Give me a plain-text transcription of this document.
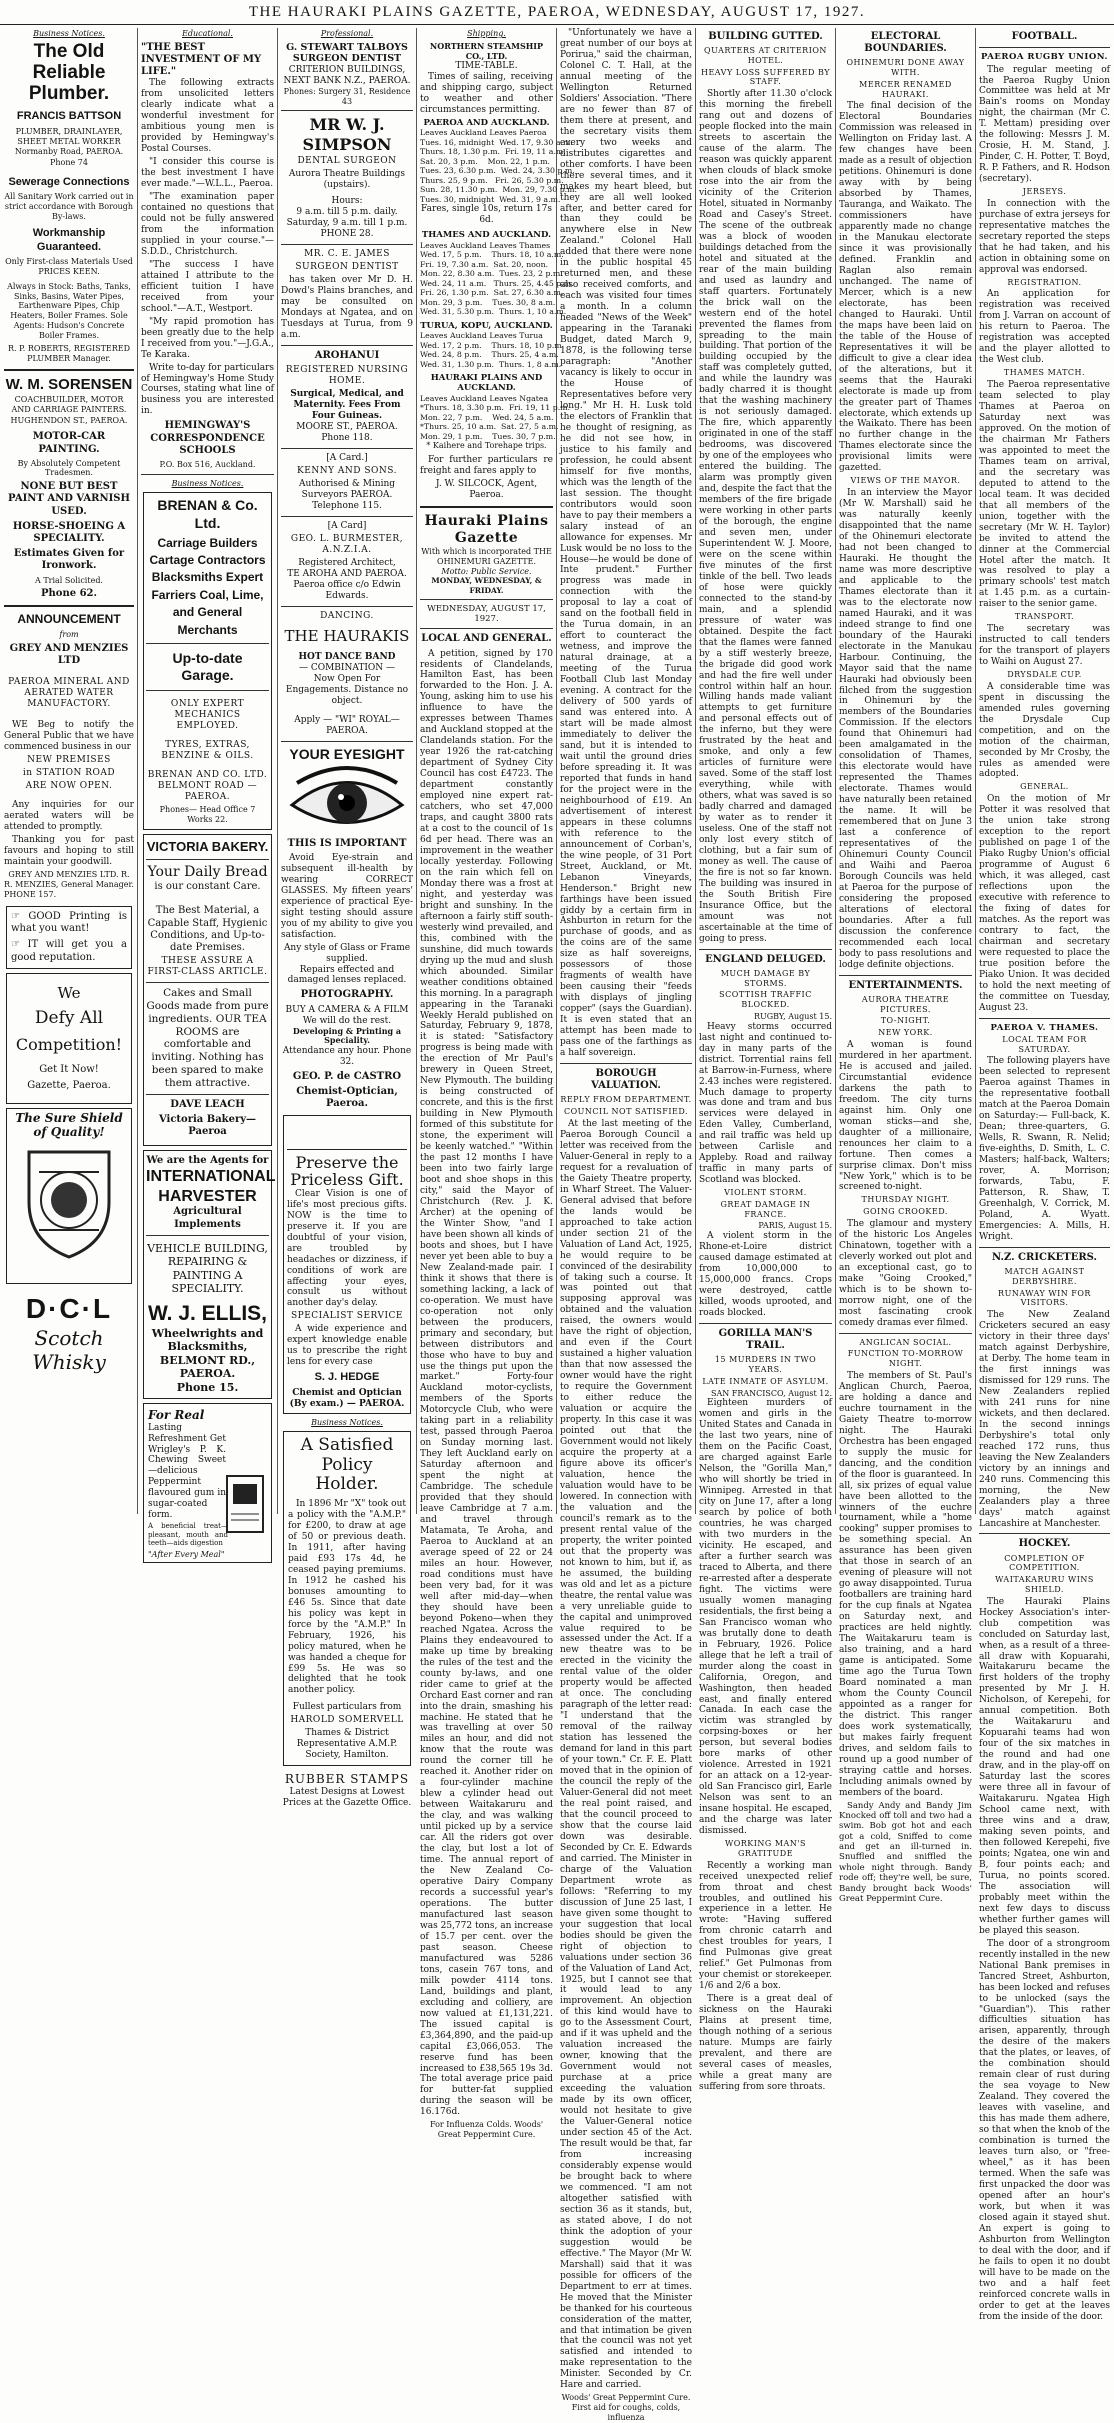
THE HAURAKI PLAINS GAZETTE, PAEROA, WEDNESDAY, AUGUST 17, 1927.
Business Notices.
The Old Reliable Plumber.
FRANCIS BATTSON
PLUMBER, DRAINLAYER, SHEET METAL WORKER
Normanby Road, PAEROA.
Phone 74
Sewerage Connections
All Sanitary Work carried out in strict accordance with Borough By-laws.
Workmanship Guaranteed.
Only First-class Materials Used PRICES KEEN.
Always in Stock: Baths, Tanks, Sinks, Basins, Water Pipes, Earthenware Pipes, Chip Heaters, Boiler Frames. Sole Agents: Hudson's Concrete Boiler Frames.
R. P. ROBERTS, REGISTERED PLUMBER Manager.
W. M. SORENSEN
COACHBUILDER, MOTOR AND CARRIAGE PAINTERS.
HUGHENDON ST., PAEROA.
MOTOR-CAR PAINTING.
By Absolutely Competent Tradesmen.
NONE BUT BEST PAINT AND VARNISH USED.
HORSE-SHOEING A SPECIALITY.
Estimates Given for Ironwork.
A Trial Solicited.
Phone 62.
ANNOUNCEMENT
from
GREY AND MENZIES LTD
PAEROA MINERAL AND AERATED WATER MANUFACTORY.
WE Beg to notify the General Public that we have commenced business in our
NEW PREMISES
in STATION ROAD
ARE NOW OPEN.
Any inquiries for our aerated waters will be attended to promptly.
Thanking you for past favours and hoping to still maintain your goodwill.
GREY AND MENZIES LTD. R. R. MENZIES, General Manager.
PHONE 157.
☞ GOOD Printing is what you want!
☞ IT will get you a good reputation.
We
Defy All
Competition!
Get It Now!
Gazette, Paeroa.
The Sure Shield of Quality!
D·C·L
Scotch Whisky
Educational.
"THE BEST INVESTMENT OF MY LIFE."
The following extracts from unsolicited letters clearly indicate what a wonderful investment for ambitious young men is provided by Hemingway's Postal Courses.
"I consider this course is the best investment I have ever made."—W.L.L., Paeroa.
"The examination paper contained no questions that could not be fully answered from the information supplied in your course."—S.D.D., Christchurch.
"The success I have attained I attribute to the efficient tuition I have received from your school."—A.T., Westport.
"My rapid promotion has been greatly due to the help I received from you."—J.G.A., Te Karaka.
Write to-day for particulars of Hemingway's Home Study Courses, stating what line of business you are interested in.
HEMINGWAY'S CORRESPONDENCE SCHOOLS
P.O. Box 516, Auckland.
Business Notices.
BRENAN & Co. Ltd.
Carriage Builders Cartage Contractors Blacksmiths Expert Farriers Coal, Lime, and General Merchants
Up-to-date Garage.
ONLY EXPERT MECHANICS EMPLOYED.
TYRES, EXTRAS, BENZINE & OILS.
BRENAN AND CO. LTD. BELMONT ROAD — PAEROA.
Phones— Head Office 7 Works 22.
VICTORIA BAKERY.
Your Daily Bread
is our constant Care.
The Best Material, a Capable Staff, Hygienic Conditions, and Up-to-date Premises.
THESE ASSURE A FIRST-CLASS ARTICLE.
Cakes and Small Goods made from pure ingredients. OUR TEA ROOMS are comfortable and inviting. Nothing has been spared to make them attractive.
DAVE LEACH
Victoria Bakery—Paeroa
We are the Agents for
INTERNATIONAL HARVESTER
Agricultural Implements
VEHICLE BUILDING, REPAIRING & PAINTING A SPECIALITY.
W. J. ELLIS,
Wheelwrights and Blacksmiths,
BELMONT RD., PAEROA.
Phone 15.
For Real
Lasting Refreshment Get Wrigley's P. K. Chewing Sweet—delicious Peppermint flavoured gum in sugar-coated form.
A beneficial treat—pleasant, mouth and teeth—aids digestion
"After Every Meal"
Professional.
G. STEWART TALBOYS SURGEON DENTIST
CRITERION BUILDINGS, NEXT BANK N.Z., PAEROA.
Phones: Surgery 31, Residence 43
MR W. J. SIMPSON
DENTAL SURGEON
Aurora Theatre Buildings (upstairs).
Hours:
9 a.m. till 5 p.m. daily. Saturday, 9 a.m. till 1 p.m. PHONE 28.
MR. C. E. JAMES
SURGEON DENTIST
has taken over Mr D. H. Dowd's Plains branches, and may be consulted on Mondays at Ngatea, and on Tuesdays at Turua, from 9 a.m.
AROHANUI
REGISTERED NURSING HOME.
Surgical, Medical, and Maternity. Fees From Four Guineas.
MOORE ST., PAEROA. Phone 118.
[A Card.]
KENNY AND SONS.
Authorised & Mining Surveyors PAEROA.
Telephone 115.
[A Card]
GEO. L. BURMESTER, A.N.Z.I.A.
Registered Architect,
TE AROHA AND PAEROA.
Paeroa office c/o Edwin Edwards.
DANCING.
THE HAURAKIS
HOT DANCE BAND
— COMBINATION —
Now Open For Engagements. Distance no object.
Apply — "WI" ROYAL—PAEROA.
YOUR EYESIGHT
THIS IS IMPORTANT
Avoid Eye-strain and subsequent ill-health by wearing CORRECT GLASSES. My fifteen years' experience of practical Eye-sight testing should assure you of my ability to give you satisfaction.
Any style of Glass or Frame supplied.
Repairs effected and damaged lenses replaced.
PHOTOGRAPHY.
BUY A CAMERA & A FILM We will do the rest.
Developing & Printing a Speciality.
Attendance any hour. Phone 32.
GEO. P. de CASTRO
Chemist-Optician, Paeroa.
Preserve the Priceless Gift.
Clear Vision is one of life's most precious gifts. NOW is the time to preserve it. If you are doubtful of your vision, are troubled by headaches or dizziness, if conditions of work are affecting your eyes, consult us without another day's delay.
SPECIALIST SERVICE
A wide experience and expert knowledge enable us to prescribe the right lens for every case
S. J. HEDGE
Chemist and Optician (By exam.) — PAEROA.
Business Notices.
A Satisfied Policy Holder.
In 1896 Mr "X" took out a policy with the "A.M.P." for £200, to draw at age of 50 or previous death. In 1911, after having paid £93 17s 4d, he ceased paying premiums. In 1912 he cashed his bonuses amounting to £46 5s. Since that date his policy was kept in force by the "A.M.P." In February, 1926, his policy matured, when he was handed a cheque for £99 5s. He was so delighted that he took another policy.
Fullest particulars from
HAROLD SOMERVELL
Thames & District Representative A.M.P. Society, Hamilton.
RUBBER STAMPS
Latest Designs at Lowest Prices at the Gazette Office.
Shipping.
NORTHERN STEAMSHIP CO., LTD.
TIME-TABLE.
Times of sailing, receiving and shipping cargo, subject to weather and other circumstances permitting.
PAEROA AND AUCKLAND.
Leaves Auckland Leaves Paeroa
Tues. 16, midnight  Wed. 17, 9.30 a.m.
Thurs. 18, 1.30 p.m.  Fri. 19, 11 a.m.
Sat. 20, 3 p.m.    Mon. 22, 1 p.m.
Tues. 23, 6.30 p.m.  Wed. 24, 3.30 p.m.
Thurs. 25, 9 p.m.   Fri. 26, 5.30 p.m.
Sun. 28, 11.30 p.m.  Mon. 29, 7.30 p.m.
Tues. 30, midnight  Wed. 31, 9 a.m.
Fares, single 10s, return 17s 6d.
THAMES AND AUCKLAND.
Leaves Auckland Leaves Thames
Wed. 17, 5 p.m.    Thurs. 18, 10 a.m.
Fri. 19, 7.30 a.m.  Sat. 20, noon.
Mon. 22, 8.30 a.m.  Tues. 23, 2 p.m.
Wed. 24, 11 a.m.   Thurs. 25, 4.45 p.m.
Fri. 26, 1.30 p.m.  Sat. 27, 6.30 a.m.
Mon. 29, 3 p.m.    Tues. 30, 8 a.m.
Wed. 31, 5.30 p.m.  Thurs. 1, 10 a.m.
TURUA, KOPU, AUCKLAND.
Leaves Auckland Leaves Turua
Wed. 17, 2 p.m.    Thurs. 18, 10 p.m.
Wed. 24, 8 p.m.    Thurs. 25, 4 a.m.
Wed. 31, 1.30 p.m.  Thurs. 1, 8 a.m.
HAURAKI PLAINS AND AUCKLAND.
Leaves Auckland Leaves Ngatea
*Thurs. 18, 3.30 p.m.  Fri. 19, 11 p.m.
Mon. 22, 7 p.m.    Wed. 24, 5 a.m.
*Thurs. 25, 10 a.m.  Sat. 27, 5 a.m.
Mon. 29, 1 p.m.    Tues. 30, 7 p.m.
* Kaihere and Torehape trips.
For further particulars re freight and fares apply to
J. W. SILCOCK, Agent, Paeroa.
Hauraki Plains Gazette
With which is incorporated THE OHINEMURI GAZETTE.
Motto: Public Service.
MONDAY, WEDNESDAY, & FRIDAY.
WEDNESDAY, AUGUST 17, 1927.
LOCAL AND GENERAL.
A petition, signed by 170 residents of Clandelands, Hamilton East, has been forwarded to the Hon. J. A. Young, asking him to use his influence to have the expresses between Thames and Auckland stopped at the Clandelands station. For the year 1926 the rat-catching department of Sydney City Council has cost £4723. The department constantly employed nine expert rat-catchers, who set 47,000 traps, and caught 3800 rats at a cost to the council of 1s 6d per head. There was an improvement in the weather locally yesterday. Following on the rain which fell on Monday there was a frost at night, and yesterday was bright and sunshiny. In the afternoon a fairly stiff south-westerly wind prevailed, and this, combined with the sunshine, did much towards drying up the mud and slush which abounded. Similar weather conditions obtained this morning. In a paragraph appearing in the Taranaki Weekly Herald published on Saturday, February 9, 1878, it is stated: "Satisfactory progress is being made with the erection of Mr Paul's brewery in Queen Street, New Plymouth. The building is being constructed of concrete, and this is the first building in New Plymouth formed of this substitute for stone, the experiment will be keenly watched." "Within the past 12 months I have been into two fairly large boot and shoe shops in this city," said the Mayor of Christchurch (Rev. J. K. Archer) at the opening of the Winter Show, "and I have been shown all kinds of boots and shoes, but I have never yet been able to buy a New Zealand-made pair. I think it shows that there is something lacking, a lack of co-operation. We must have co-operation not only between the producers, primary and secondary, but between distributors and those who have to buy and use the things put upon the market." Forty-four Auckland motor-cyclists, members of the Sports Motorcycle Club, who were taking part in a reliability test, passed through Paeroa on Sunday morning last. They left Auckland early on Saturday afternoon and spent the night at Cambridge. The schedule provided that they should leave Cambridge at 7 a.m. and travel through Matamata, Te Aroha, and Paeroa to Auckland at an average speed of 22 or 24 miles an hour. However, road conditions must have been very bad, for it was well after mid-day—when they should have been beyond Pokeno—when they reached Ngatea. Across the Plains they endeavoured to make up time by breaking the rules of the test and the county by-laws, and one rider came to grief at the Orchard East corner and ran into the drain, smashing his machine. He stated that he was travelling at over 50 miles an hour, and did not know that the route was round the corner till he reached it. Another rider on a four-cylinder machine blew a cylinder head out between Waitakaruru and the clay, and was walking until picked up by a service car. All the riders got over the clay, but lost a lot of time. The annual report of the New Zealand Co-operative Dairy Company records a successful year's operations. The butter manufactured last season was 25,772 tons, an increase of 15.7 per cent. over the past season. Cheese manufactured was 5286 tons, casein 767 tons, and milk powder 4114 tons. Land, buildings and plant, excluding and colliery, are now valued at £1,131,221. The issued capital is £3,364,890, and the paid-up capital £3,066,053. The reserve fund has been increased to £38,565 19s 3d. The total average price paid for butter-fat supplied during the season will be 16.176d.
For Influenza Colds. Woods' Great Peppermint Cure.
"Unfortunately we have a great number of our boys at Porirua," said the chairman, Colonel C. T. Hall, at the annual meeting of the Wellington Returned Soldiers' Association. "There are no fewer than 87 of them there at present, and the secretary visits them every two weeks and distributes cigarettes and other comforts. I have been there several times, and it makes my heart bleed, but they are all well looked after, and better cared for than they could be anywhere else in New Zealand." Colonel Hall added that there were none in the public hospital 45 returned men, and these also received comforts, and each was visited four times a month. In a column headed "News of the Week" appearing in the Taranaki Budget, dated March 9, 1878, is the following terse paragraph: "Another vacancy is likely to occur in the House of Representatives before very long." Mr H. H. Lusk told the electors of Franklin that he thought of resigning, as he did not see how, in justice to his family and profession, he could absent himself for five months, which was the length of the last session. The thought contributors would soon have to pay their members a salary instead of an allowance for expenses. Mr Lusk would be no loss to the House—he would be done of Inte prudent." Further progress was made in connection with the proposal to lay a coat of sand on the football field in the Turua domain, in an effort to counteract the wetness, and improve the natural drainage, at a meeting of the Turua Football Club last Monday evening. A contract for the delivery of 500 yards of sand was entered into. A start will be made almost immediately to deliver the sand, but it is intended to wait until the ground dries before spreading it. It was reported that funds in hand for the project were in the neighbourhood of £19. An advertisement of interest appears in these columns with reference to the announcement of Corban's, the wine people, of 31 Port Street, Auckland, or Mt. Lebanon Vineyards, Henderson." Bright new farthings have been issued giddy by a certain firm in Ashburton in return for the purchase of goods, and as the coins are of the same size as half sovereigns, possessors of those fragments of wealth have been causing their "feeds with displays of jingling copper" (says the Guardian). It is even stated that an attempt has been made to pass one of the farthings as a half sovereign.
BOROUGH VALUATION.
REPLY FROM DEPARTMENT.
COUNCIL NOT SATISFIED.
At the last meeting of the Paeroa Borough Council a letter was received from the Valuer-General in reply to a request for a revaluation of the Gaiety Theatre property, in Wharf Street. The Valuer-General advised that before the lands would be approached to take action under section 21 of the Valuation of Land Act, 1925, he would require to be convinced of the desirability of taking such a course. It was pointed out that supposing approval was obtained and the valuation raised, the owners would have the right of objection, and even if the Court sustained a higher valuation than that now assessed the owner would have the right to require the Government to either reduce the valuation or acquire the property. In this case it was pointed out that the Government would not likely acquire the property at a figure above its officer's valuation, hence the valuation would have to be lowered. In connection with the valuation and the council's remark as to the present rental value of the property, the writer pointed out that the property was not known to him, but if, as he assumed, the building was old and let as a picture theatre, the rental value was a very unreliable guide to the capital and unimproved value required to be assessed under the Act. If a new theatre was to be erected in the vicinity the rental value of the older property would be affected at once. The concluding paragraph of the letter read: "I understand that the removal of the railway station has lessened the demand for land in this part of your town." Cr. F. E. Platt moved that in the opinion of the council the reply of the Valuer-General did not meet the real point raised, and that the council proceed to show that the course laid down was desirable. Seconded by Cr. E. Edwards and carried. The Minister in charge of the Valuation Department wrote as follows: "Referring to my discussion of June 25 last, I have given some thought to your suggestion that local bodies should be given the right of objection to valuations under section 36 of the Valuation of Land Act, 1925, but I cannot see that it would lead to any improvement. An objection of this kind would have to go to the Assessment Court, and if it was upheld and the valuation increased the owner, knowing that the Government would not purchase at a price exceeding the valuation made by its own officer, would not hesitate to give the Valuer-General notice under section 45 of the Act. The result would be that, far from increasing considerably expense would be brought back to where we commenced. "I am not altogether satisfied with section 36 as it stands, but, as stated above, I do not think the adoption of your suggestion would be effective." The Mayor (Mr W. Marshall) said that it was possible for officers of the Department to err at times. He moved that the Minister be thanked for his courteous consideration of the matter, and that intimation be given that the council was not yet satisfied and intended to make representation to the Minister. Seconded by Cr. Hare and carried.
Woods' Great Peppermint Cure. First aid for coughs, colds, influenza
BUILDING GUTTED.
QUARTERS AT CRITERION HOTEL.
HEAVY LOSS SUFFERED BY STAFF.
Shortly after 11.30 o'clock this morning the firebell rang out and dozens of people flocked into the main streets to ascertain the cause of the alarm. The reason was quickly apparent when clouds of black smoke rose into the air from the vicinity of the Criterion Hotel, situated in Normanby Road and Casey's Street. The scene of the outbreak was a block of wooden buildings detached from the hotel and situated at the rear of the main building and used as laundry and staff quarters. Fortunately the brick wall on the western end of the hotel prevented the flames from spreading to the main building. That portion of the building occupied by the staff was completely gutted, and while the laundry was badly charred it is thought that the washing machinery is not seriously damaged. The fire, which apparently originated in one of the staff bedrooms, was discovered by one of the employees who entered the building. The alarm was promptly given and, despite the fact that the members of the fire brigade were working in other parts of the borough, the engine and seven men, under Superintendent W. J. Moore, were on the scene within five minutes of the first tinkle of the bell. Two leads of hose were quickly connected to the stand-by main, and a splendid pressure of water was obtained. Despite the fact that the flames were fanned by a stiff westerly breeze, the brigade did good work and had the fire well under control within half an hour. Willing hands made valiant attempts to get furniture and personal effects out of the inferno, but they were frustrated by the heat and smoke, and only a few articles of furniture were saved. Some of the staff lost everything, while with others, what was saved is so badly charred and damaged by water as to render it useless. One of the staff not only lost every stitch of clothing, but a fair sum of money as well. The cause of the fire is not so far known. The building was insured in the South British Fire Insurance Office, but the amount was not ascertainable at the time of going to press.
ENGLAND DELUGED.
MUCH DAMAGE BY STORMS.
SCOTTISH TRAFFIC BLOCKED.
RUGBY, August 15.
Heavy storms occurred last night and continued to-day in many parts of the district. Torrential rains fell at Barrow-in-Furness, where 2.43 inches were registered. Much damage to property was done and tram and bus services were delayed in Eden Valley, Cumberland, and rail traffic was held up between Carlisle and Appleby. Road and railway traffic in many parts of Scotland was blocked.
VIOLENT STORM.
GREAT DAMAGE IN FRANCE.
PARIS, August 15.
A violent storm in the Rhone-et-Loire district caused damage estimated at from 10,000,000 to 15,000,000 francs. Crops were destroyed, cattle killed, woods uprooted, and roads blocked.
GORILLA MAN'S TRAIL.
15 MURDERS IN TWO YEARS.
LATE INMATE OF ASYLUM.
SAN FRANCISCO, August 12.
Eighteen murders of women and girls in the United States and Canada in the last two years, nine of them on the Pacific Coast, are charged against Earle Nelson, the "Gorilla Man," who will shortly be tried in Winnipeg. Arrested in that city on June 17, after a long search by police of both countries, he was charged with two murders in the vicinity. He escaped, and after a further search was traced to Alberta, and there re-arrested after a desperate fight. The victims were usually women managing residentials, the first being a San Francisco woman who was brutally done to death in February, 1926. Police allege that he left a trail of murder along the coast in California, Oregon, and Washington, then headed east, and finally entered Canada. In each case the victim was strangled by corpsing-boxes or her person, but several bodies bore marks of other violence. Arrested in 1921 for an attack on a 12-year-old San Francisco girl, Earle Nelson was sent to an insane hospital. He escaped, and the charge was later dismissed.
WORKING MAN'S GRATITUDE
Recently a working man received unexpected relief from throat and chest troubles, and outlined his experience in a letter. He wrote: "Having suffered from chronic catarrh and chest troubles for years, I find Pulmonas give great relief." Get Pulmonas from your chemist or storekeeper. 1/6 and 2/6 a box.
There is a great deal of sickness on the Hauraki Plains at present time, though nothing of a serious nature. Mumps are fairly prevalent, and there are several cases of measles, while a great many are suffering from sore throats.
ELECTORAL BOUNDARIES.
OHINEMURI DONE AWAY WITH.
MERCER RENAMED HAURAKI.
The final decision of the Electoral Boundaries Commission was released in Wellington on Friday last. A few changes have been made as a result of objection petitions. Ohinemuri is done away with by being absorbed by Thames, Tauranga, and Waikato. The commissioners have apparently made no change in the Manukau electorate since it was provisionally defined. Franklin and Raglan also remain unchanged. The name of Mercer, which is a new electorate, has been changed to Hauraki. Until the maps have been laid on the table of the House of Representatives it will be difficult to give a clear idea of the alterations, but it seems that the Hauraki electorate is made up from the greater part of Thames electorate, which extends up the Waikato. There has been no further change in the Thames electorate since the provisional limits were gazetted.
VIEWS OF THE MAYOR.
In an interview the Mayor (Mr W. Marshall) said he was naturally keenly disappointed that the name of the Ohinemuri electorate had not been changed to Hauraki. He thought the name was more descriptive and applicable to the Thames electorate than it was to the electorate now named Hauraki, and it was indeed strange to find one boundary of the Hauraki electorate in the Manukau Harbour. Continuing, the Mayor said that the name Hauraki had obviously been filched from the suggestion in Ohinemuri by the members of the Boundaries Commission. If the electors found that Ohinemuri had been amalgamated in the consolidation of Thames, this electorate would have represented the Thames electorate. Thames would have naturally been retained the name. It will be remembered that on June 3 last a conference of representatives of the Ohinemuri County Council and Waihi and Paeroa Borough Councils was held at Paeroa for the purpose of considering the proposed alterations of electoral boundaries. After a full discussion the conference recommended each local body to pass resolutions and lodge definite objections.
ENTERTAINMENTS.
AURORA THEATRE PICTURES.
TO-NIGHT.
NEW YORK.
A woman is found murdered in her apartment. He is accused and jailed. Circumstantial evidence darkens the path to freedom. The city turns against him. Only one woman sticks—and she, daughter of a millionaire, renounces her claim to a fortune. Then comes a surprise climax. Don't miss "New York," which is to be screened to-night.
THURSDAY NIGHT.
GOING CROOKED.
The glamour and mystery of the historic Los Angeles Chinatown, together with a cleverly worked out plot and an exceptional cast, go to make "Going Crooked," which is to be shown to-morrow night, one of the most fascinating crook comedy dramas ever filmed.
ANGLICAN SOCIAL.
FUNCTION TO-MORROW NIGHT.
The members of St. Paul's Anglican Church, Paeroa, are holding a dance and euchre tournament in the Gaiety Theatre to-morrow night. The Hauraki Orchestra has been engaged to supply the music for dancing, and the condition of the floor is guaranteed. In all, six prizes of equal value have been allotted to the winners of the euchre tournament, while a "home cooking" supper promises to be something special. An assurance has been given that those in search of an evening of pleasure will not go away disappointed. Turua footballers are training hard for the cup finals at Ngatea on Saturday next, and practices are held nightly. The Waitakaruru team is also training, and a hard game is anticipated. Some time ago the Turua Town Board nominated a man whom the County Council appointed as a ranger for the district. This ranger does work systematically, but makes fairly frequent drives, and seldom fails to round up a good number of straying cattle and horses. Including animals owned by members of the board.
Sandy Andy and Bandy Jim Knocked off toll and two had a swim. Bob got hot and each got a cold, Sniffed to come and get an ill-turned in. Snuffled and sniffled the whole night through. Bandy rode off; they're well, be sure, Bandy brought back Woods' Great Peppermint Cure.
FOOTBALL.
PAEROA RUGBY UNION.
The regular meeting of the Paeroa Rugby Union Committee was held at Mr Bain's rooms on Monday night, the chairman (Mr C. T. Mettam) presiding over the following: Messrs J. M. Crosie, H. M. Stand, J. Pinder, C. H. Potter, T. Boyd, R. P. Fathers, and R. Hodson (secretary).
JERSEYS.
In connection with the purchase of extra jerseys for representative matches the secretary reported the steps that he had taken, and his action in obtaining some on approval was endorsed.
REGISTRATION.
An application for registration was received from J. Varran on account of his return to Paeroa. The registration was accepted and the player allotted to the West club.
THAMES MATCH.
The Paeroa representative team selected to play Thames at Paeroa on Saturday next was approved. On the motion of the chairman Mr Fathers was appointed to meet the Thames team on arrival, and the secretary was deputed to attend to the local team. It was decided that all members of the union, together with the secretary (Mr W. H. Taylor) be invited to attend the dinner at the Commercial Hotel after the match. It was resolved to play a primary schools' test match at 1.45 p.m. as a curtain-raiser to the senior game.
TRANSPORT.
The secretary was instructed to call tenders for the transport of players to Waihi on August 27.
DRYSDALE CUP.
A considerable time was spent in discussing the amended rules governing the Drysdale Cup competition, and on the motion of the chairman, seconded by Mr Crosby, the rules as amended were adopted.
GENERAL.
On the motion of Mr Potter it was resolved that the union take strong exception to the report published on page 1 of the Piako Rugby Union's official programme of August 6 which, it was alleged, cast reflections upon the executive with reference to the fixing of dates for matches. As the report was contrary to fact, the chairman and secretary were requested to place the true position before the Piako Union. It was decided to hold the next meeting of the committee on Tuesday, August 23.
PAEROA V. THAMES.
LOCAL TEAM FOR SATURDAY.
The following players have been selected to represent Paeroa against Thames in the representative football match at the Paeroa Domain on Saturday:— Full-back, K. Dean; three-quarters, G. Wells, R. Swann, R. Nelid; five-eighths, D. Smith, L. C. Masters; half-back, Walters; rover, A. Morrison; forwards, Tabu, F. Patterson, R. Shaw, T. Greenhalgh, V. Corrick, M. Poland, A. Wyatt. Emergencies: A. Mills, H. Wright.
N.Z. CRICKETERS.
MATCH AGAINST DERBYSHIRE.
RUNAWAY WIN FOR VISITORS.
The New Zealand Cricketers secured an easy victory in their three days' match against Derbyshire, at Derby. The home team in the first innings was dismissed for 129 runs. The New Zealanders replied with 241 runs for nine wickets, and then declared. In the second innings Derbyshire's total only reached 172 runs, thus leaving the New Zealanders victory by an innings and 240 runs. Commencing this morning, the New Zealanders play a three days' match against Lancashire at Manchester.
HOCKEY.
COMPLETION OF COMPETITION.
WAITAKARURU WINS SHIELD.
The Hauraki Plains Hockey Association's inter-club competition was concluded on Saturday last, when, as a result of a three-all draw with Kopuarahi, Waitakaruru became the first holders of the trophy presented by Mr J. H. Nicholson, of Kerepehi, for annual competition. Both the Waitakaruru and Kopuarahi teams had won four of the six matches in the round and had one draw, and in the play-off on Saturday last the scores were three all in favour of Waitakaruru. Ngatea High School came next, with three wins and a draw, making seven points, and then followed Kerepehi, five points; Ngatea, one win and B, four points each; and Turua, no points scored. The association will probably meet within the next few days to discuss whether further games will be played this season.
The door of a strongroom recently installed in the new National Bank premises in Tancred Street, Ashburton, has been locked and refuses to be unlocked (says the "Guardian"). This rather difficulties situation has arisen, apparently, through the desire of the makers that the plates, or leaves, of the combination should remain clear of rust during the sea voyage to New Zealand. They covered the leaves with vaseline, and this has made them adhere, so that when the knob of the combination is turned the leaves turn also, or "free-wheel," as it has been termed. When the safe was first unpacked the door was opened after an hour's work, but when it was closed again it stayed shut. An expert is going to Ashburton from Wellington to deal with the door, and if he fails to open it no doubt will have to be made on the two and a half feet reinforced concrete walls in order to get at the leaves from the inside of the door.
